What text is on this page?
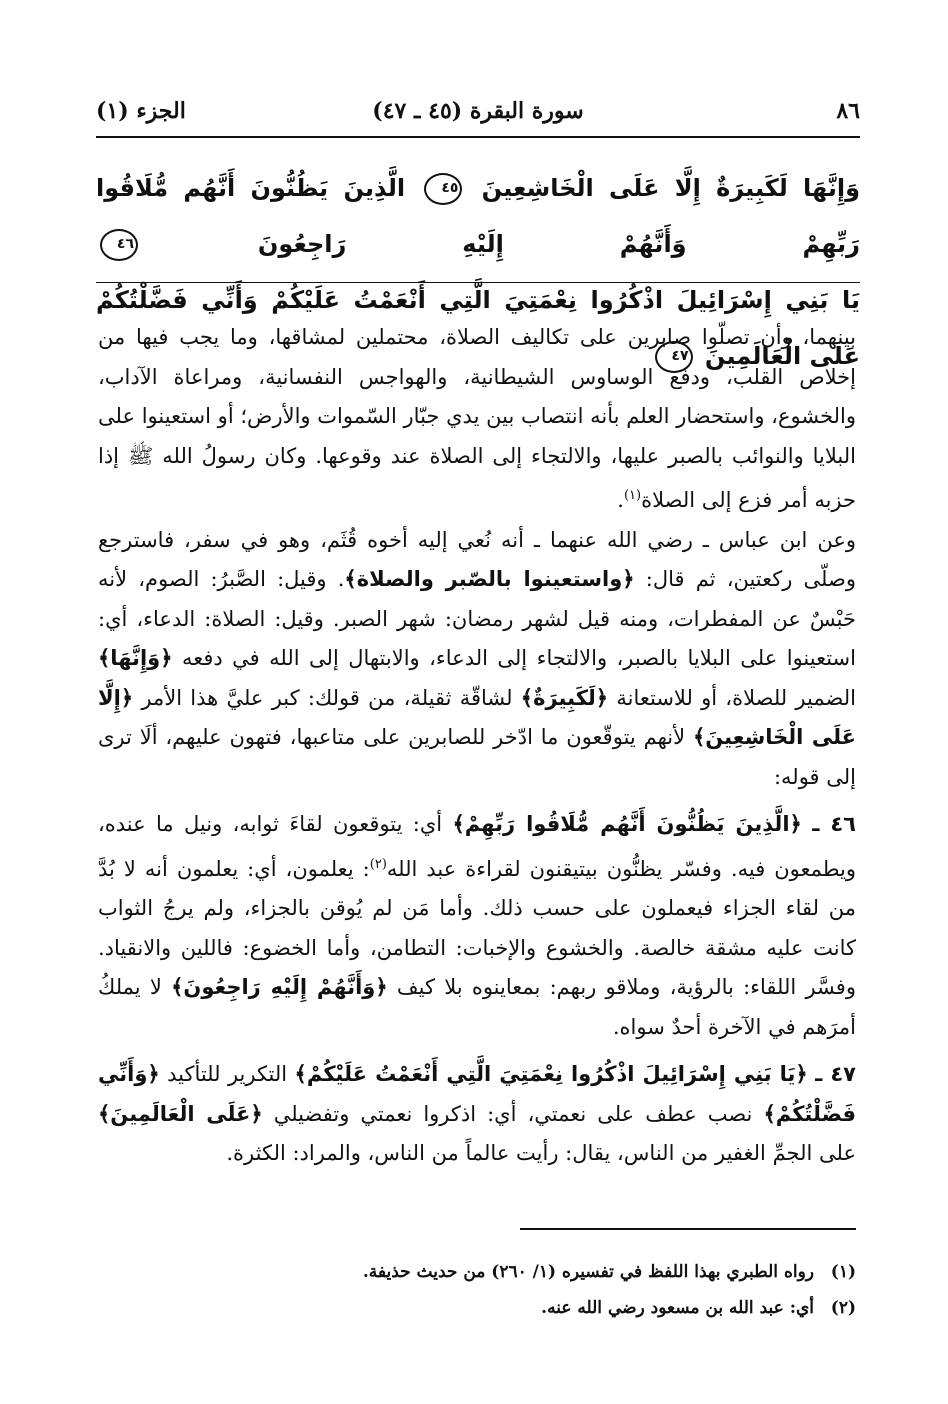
٨٦
سورة البقرة (٤٥ ـ ٤٧)
الجزء (١)

وَإِنَّهَا لَكَبِيرَةٌ إِلَّا عَلَى الْخَاشِعِينَ ٤٥ الَّذِينَ يَظُنُّونَ أَنَّهُم مُّلَاقُوا رَبِّهِمْ وَأَنَّهُمْ إِلَيْهِ رَاجِعُونَ ٤٦

يَا بَنِي إِسْرَائِيلَ اذْكُرُوا نِعْمَتِيَ الَّتِي أَنْعَمْتُ عَلَيْكُمْ وَأَنِّي فَضَّلْتُكُمْ عَلَى الْعَالَمِينَ ٤٧

بينهما، وأن تصلّوا صابرين على تكاليف الصلاة، محتملين لمشاقها، وما يجب فيها من إخلاص القلب، ودفع الوساوس الشيطانية، والهواجس النفسانية، ومراعاة الآداب، والخشوع، واستحضار العلم بأنه انتصاب بين يدي جبّار السّموات والأرض؛ أو استعينوا على البلايا والنوائب بالصبر عليها، والالتجاء إلى الصلاة عند وقوعها. وكان رسولُ الله ﷺ إذا حزبه أمر فزع إلى الصلاة$^{(١)}$.

وعن ابن عباس ـ رضي الله عنهما ـ أنه نُعي إليه أخوه قُثَم، وهو في سفر، فاسترجع وصلّى ركعتين، ثم قال: ﴿واستعينوا بالصّبر والصلاة﴾. وقيل: الصَّبرُ: الصوم، لأنه حَبْسٌ عن المفطرات، ومنه قيل لشهر رمضان: شهر الصبر. وقيل: الصلاة: الدعاء، أي: استعينوا على البلايا بالصبر، والالتجاء إلى الدعاء، والابتهال إلى الله في دفعه ﴿وَإِنَّهَا﴾ الضمير للصلاة، أو للاستعانة ﴿لَكَبِيرَةٌ﴾ لشاقّة ثقيلة، من قولك: كبر عليَّ هذا الأمر ﴿إِلَّا عَلَى الْخَاشِعِينَ﴾ لأنهم يتوقّعون ما ادّخر للصابرين على متاعبها، فتهون عليهم، ألَا ترى إلى قوله:

٤٦ ـ ﴿الَّذِينَ يَظُنُّونَ أَنَّهُم مُّلَاقُوا رَبِّهِمْ﴾ أي: يتوقعون لقاءَ ثوابه، ونيل ما عنده، ويطمعون فيه. وفسّر يظنُّون بيتيقنون لقراءة عبد الله$^{(٢)}$: يعلمون، أي: يعلمون أنه لا بُدَّ من لقاء الجزاء فيعملون على حسب ذلك. وأما مَن لم يُوقن بالجزاء، ولم يرجُ الثواب كانت عليه مشقة خالصة. والخشوع والإخبات: التطامن، وأما الخضوع: فاللين والانقياد. وفسَّر اللقاء: بالرؤية، وملاقو ربهم: بمعاينوه بلا كيف ﴿وَأَنَّهُمْ إِلَيْهِ رَاجِعُونَ﴾ لا يملكُ أمرَهم في الآخرة أحدٌ سواه.

٤٧ ـ ﴿يَا بَنِي إِسْرَائِيلَ اذْكُرُوا نِعْمَتِيَ الَّتِي أَنْعَمْتُ عَلَيْكُمْ﴾ التكرير للتأكيد ﴿وَأَنِّي فَضَّلْتُكُمْ﴾ نصب عطف على نعمتي، أي: اذكروا نعمتي وتفضيلي ﴿عَلَى الْعَالَمِينَ﴾ على الجمِّ الغفير من الناس، يقال: رأيت عالماً من الناس، والمراد: الكثرة.

(١)رواه الطبري بهذا اللفظ في تفسيره (١/ ٢٦٠) من حديث حذيفة.

(٢)أي: عبد الله بن مسعود رضي الله عنه.
